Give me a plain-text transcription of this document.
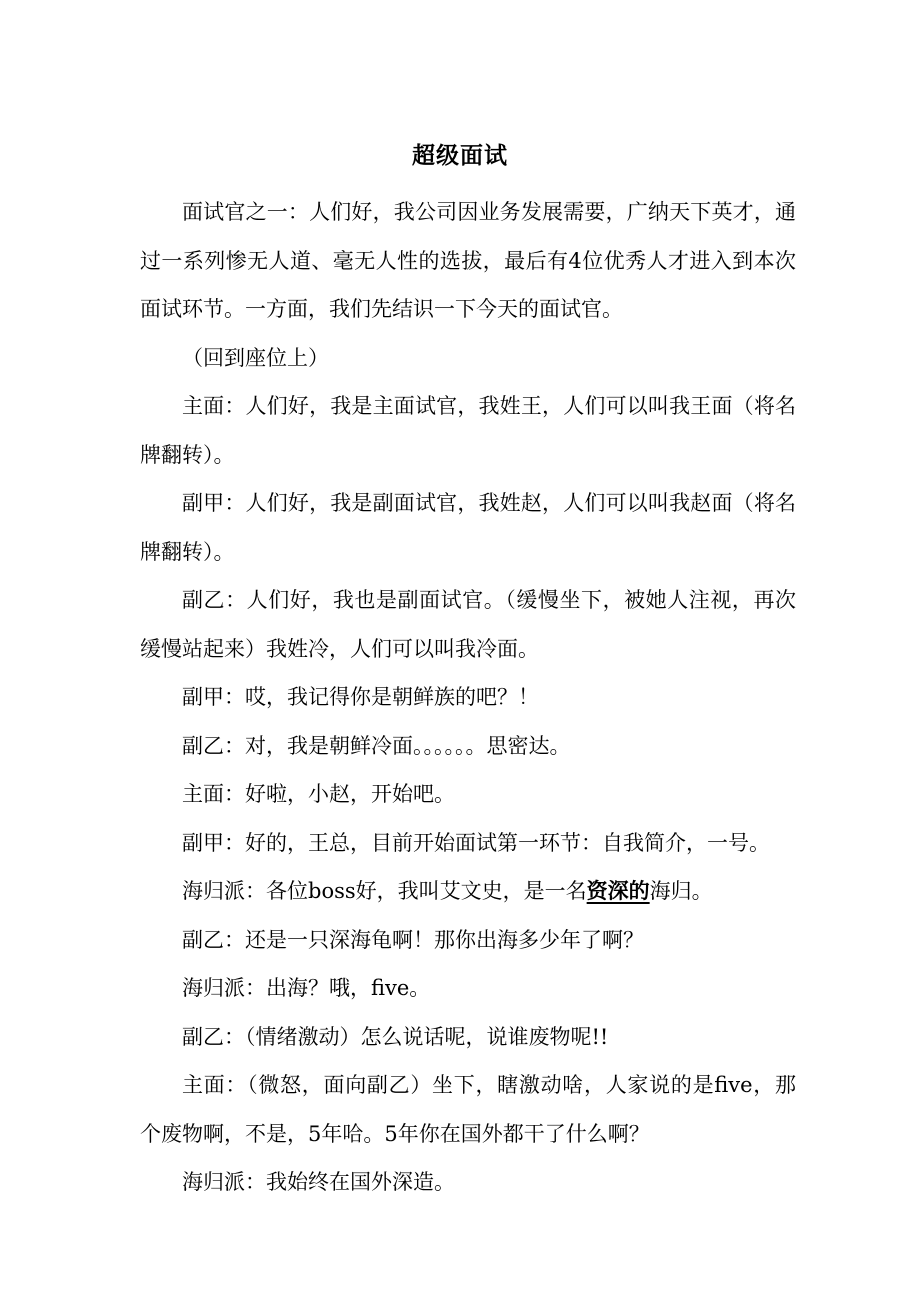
超级面试

面试官之一：人们好，我公司因业务发展需要，广纳天下英才，通过一系列惨无人道、毫无人性的选拔，最后有4位优秀人才进入到本次面试环节。一方面，我们先结识一下今天的面试官。

（回到座位上）

主面：人们好，我是主面试官，我姓王，人们可以叫我王面（将名牌翻转）。

副甲：人们好，我是副面试官，我姓赵，人们可以叫我赵面（将名牌翻转）。

副乙：人们好，我也是副面试官。（缓慢坐下，被她人注视，再次缓慢站起来）我姓冷，人们可以叫我冷面。

副甲：哎，我记得你是朝鲜族的吧？！

副乙：对，我是朝鲜冷面。。。。。。思密达。

主面：好啦，小赵，开始吧。

副甲：好的，王总，目前开始面试第一环节：自我简介，一号。

海归派：各位boss好，我叫艾文史，是一名资深的海归。

副乙：还是一只深海龟啊！那你出海多少年了啊？

海归派：出海？哦，five。

副乙：（情绪激动）怎么说话呢，说谁废物呢!!

主面：（微怒，面向副乙）坐下，瞎激动啥，人家说的是five，那个废物啊，不是，5年哈。5年你在国外都干了什么啊？

海归派：我始终在国外深造。
